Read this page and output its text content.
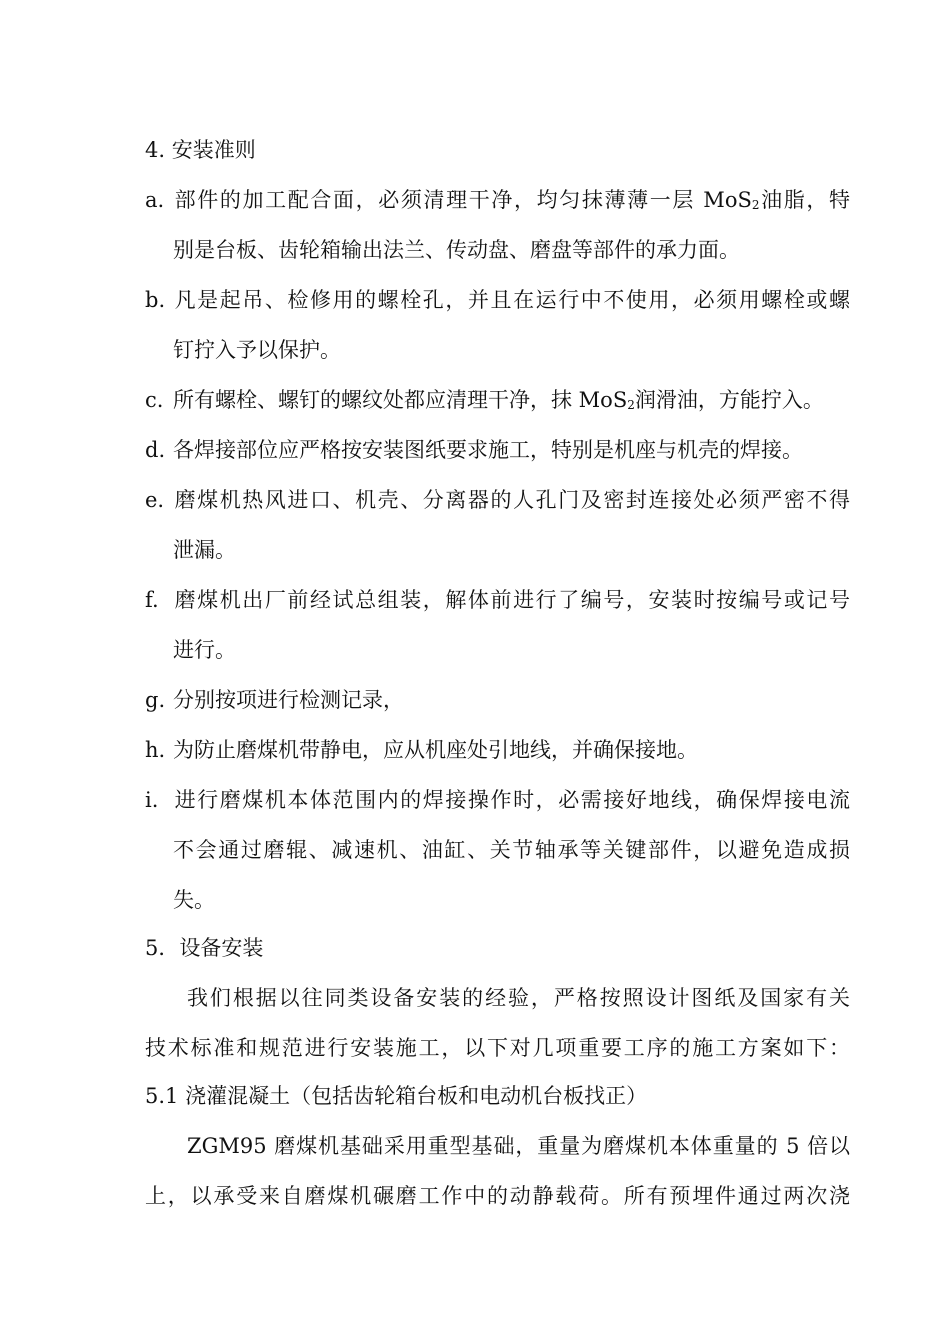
4. 安装准则
a. 部件的加工配合面，必须清理干净，均匀抹薄薄一层 MoS$_2$油脂，特
别是台板、齿轮箱输出法兰、传动盘、磨盘等部件的承力面。
b. 凡是起吊、检修用的螺栓孔，并且在运行中不使用，必须用螺栓或螺
钉拧入予以保护。
c. 所有螺栓、螺钉的螺纹处都应清理干净，抹 MoS$_2$润滑油，方能拧入。
d. 各焊接部位应严格按安装图纸要求施工，特别是机座与机壳的焊接。
e. 磨煤机热风进口、机壳、分离器的人孔门及密封连接处必须严密不得
泄漏。
f. 磨煤机出厂前经试总组装，解体前进行了编号，安装时按编号或记号
进行。
g. 分别按项进行检测记录，
h. 为防止磨煤机带静电，应从机座处引地线，并确保接地。
i. 进行磨煤机本体范围内的焊接操作时，必需接好地线，确保焊接电流
不会通过磨辊、减速机、油缸、关节轴承等关键部件，以避免造成损
失。
5．设备安装
我们根据以往同类设备安装的经验，严格按照设计图纸及国家有关
技术标准和规范进行安装施工，以下对几项重要工序的施工方案如下：
5.1 浇灌混凝土（包括齿轮箱台板和电动机台板找正）
ZGM95 磨煤机基础采用重型基础，重量为磨煤机本体重量的 5 倍以
上，以承受来自磨煤机碾磨工作中的动静载荷。所有预埋件通过两次浇
